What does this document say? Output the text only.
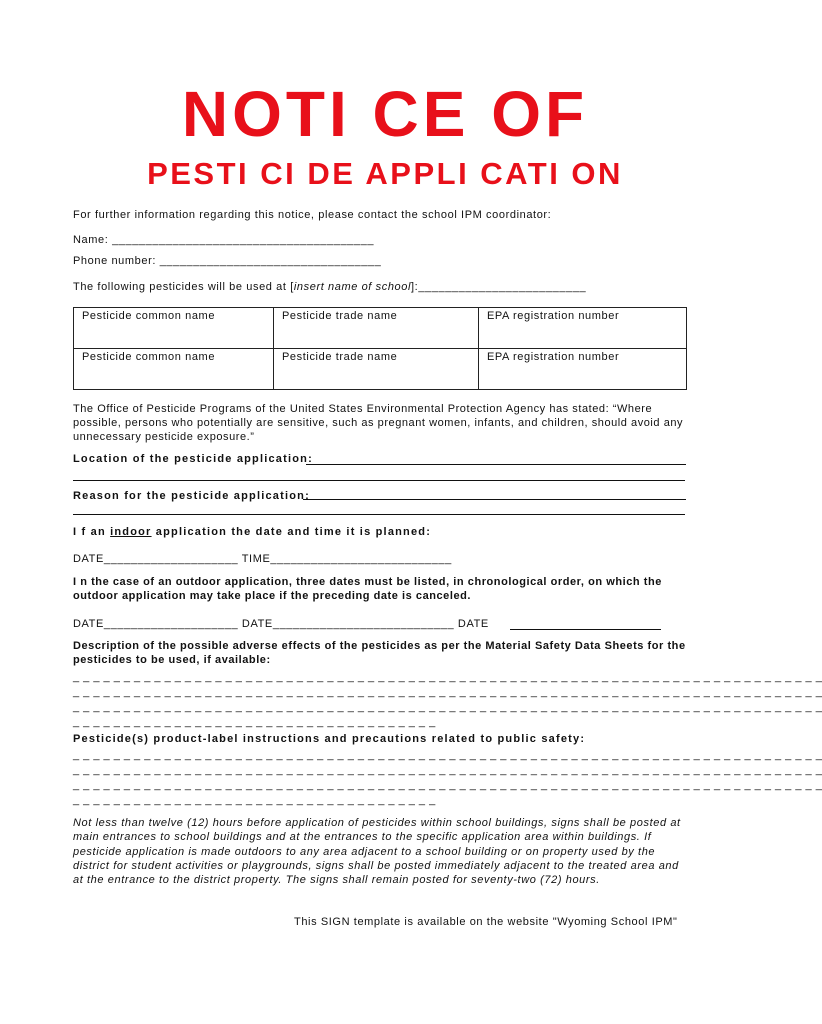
NOTI CE OF
PESTI CI DE APPLI CATI ON
For further information regarding this notice, please contact the school IPM coordinator:
Name: _______________________________________
Phone number: _________________________________
The following pesticides will be used at [insert name of school]:_________________________
Pesticide common name	Pesticide trade name	EPA registration number
Pesticide common name	Pesticide trade name	EPA registration number
The Office of Pesticide Programs of the United States Environmental Protection Agency has stated: “Where possible, persons who potentially are sensitive, such as pregnant women, infants, and children, should avoid any unnecessary pesticide exposure.”
Location of the pesticide application:
Reason for the pesticide application:
I f an indoor application the date and time it is planned:
DATE____________________ TIME___________________________
I n the case of an outdoor application, three dates must be listed, in chronological order, on which the outdoor application may take place if the preceding date is canceled.
DATE____________________ DATE___________________________ DATE
Description of the possible adverse effects of the pesticides as per the Material Safety Data Sheets for the pesticides to be used, if available:
_ _ _ _ _ _ _ _ _ _ _ _ _ _ _ _ _ _ _ _ _ _ _ _ _ _ _ _ _ _ _ _ _ _ _ _ _ _ _ _ _ _ _ _ _ _ _ _ _ _ _ _ _ _ _ _ _ _ _ _ _ _ _ _ _ _ _ _ _ _ _ _ _ _
_ _ _ _ _ _ _ _ _ _ _ _ _ _ _ _ _ _ _ _ _ _ _ _ _ _ _ _ _ _ _ _ _ _ _ _ _ _ _ _ _ _ _ _ _ _ _ _ _ _ _ _ _ _ _ _ _ _ _ _ _ _ _ _ _ _ _ _ _ _ _ _ _ _
_ _ _ _ _ _ _ _ _ _ _ _ _ _ _ _ _ _ _ _ _ _ _ _ _ _ _ _ _ _ _ _ _ _ _ _ _ _ _ _ _ _ _ _ _ _ _ _ _ _ _ _ _ _ _ _ _ _ _ _ _ _ _ _ _ _ _ _ _ _ _ _ _ _
_ _ _ _ _ _ _ _ _ _ _ _ _ _ _ _ _ _ _ _ _ _ _ _ _ _ _ _ _ _ _ _ _ _ _ _
Pesticide(s) product-label instructions and precautions related to public safety:
_ _ _ _ _ _ _ _ _ _ _ _ _ _ _ _ _ _ _ _ _ _ _ _ _ _ _ _ _ _ _ _ _ _ _ _ _ _ _ _ _ _ _ _ _ _ _ _ _ _ _ _ _ _ _ _ _ _ _ _ _ _ _ _ _ _ _ _ _ _ _ _ _ _
_ _ _ _ _ _ _ _ _ _ _ _ _ _ _ _ _ _ _ _ _ _ _ _ _ _ _ _ _ _ _ _ _ _ _ _ _ _ _ _ _ _ _ _ _ _ _ _ _ _ _ _ _ _ _ _ _ _ _ _ _ _ _ _ _ _ _ _ _ _ _ _ _ _
_ _ _ _ _ _ _ _ _ _ _ _ _ _ _ _ _ _ _ _ _ _ _ _ _ _ _ _ _ _ _ _ _ _ _ _ _ _ _ _ _ _ _ _ _ _ _ _ _ _ _ _ _ _ _ _ _ _ _ _ _ _ _ _ _ _ _ _ _ _ _ _ _ _
_ _ _ _ _ _ _ _ _ _ _ _ _ _ _ _ _ _ _ _ _ _ _ _ _ _ _ _ _ _ _ _ _ _ _ _
Not less than twelve (12) hours before application of pesticides within school buildings, signs shall be posted at main entrances to school buildings and at the entrances to the specific application area within buildings. If pesticide application is made outdoors to any area adjacent to a school building or on property used by the district for student activities or playgrounds, signs shall be posted immediately adjacent to the treated area and at the entrance to the district property. The signs shall remain posted for seventy-two (72) hours.
This SIGN template is available on the website "Wyoming School IPM"
